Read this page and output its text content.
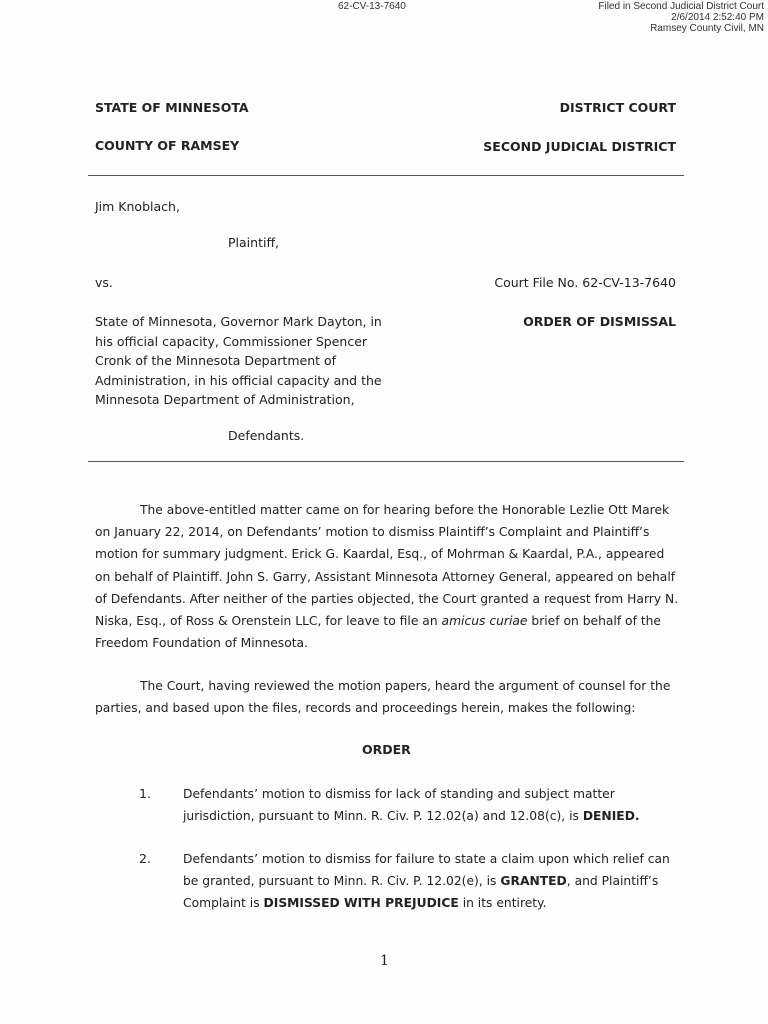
62-CV-13-7640	Filed in Second Judicial District Court
2/6/2014 2:52:40 PM
Ramsey County Civil, MN
STATE OF MINNESOTA	DISTRICT COURT
COUNTY OF RAMSEY	SECOND JUDICIAL DISTRICT
Jim Knoblach,
Plaintiff,
vs.	Court File No. 62-CV-13-7640
State of Minnesota, Governor Mark Dayton, in
his official capacity, Commissioner Spencer
Cronk of the Minnesota Department of
Administration, in his official capacity and the
Minnesota Department of Administration,
ORDER OF DISMISSAL
Defendants.
The above-entitled matter came on for hearing before the Honorable Lezlie Ott Marek
on January 22, 2014, on Defendants’ motion to dismiss Plaintiff’s Complaint and Plaintiff’s
motion for summary judgment. Erick G. Kaardal, Esq., of Mohrman & Kaardal, P.A., appeared
on behalf of Plaintiff. John S. Garry, Assistant Minnesota Attorney General, appeared on behalf
of Defendants. After neither of the parties objected, the Court granted a request from Harry N.
Niska, Esq., of Ross & Orenstein LLC, for leave to file an amicus curiae brief on behalf of the
Freedom Foundation of Minnesota.
The Court, having reviewed the motion papers, heard the argument of counsel for the
parties, and based upon the files, records and proceedings herein, makes the following:
ORDER
1.	Defendants’ motion to dismiss for lack of standing and subject matter
jurisdiction, pursuant to Minn. R. Civ. P. 12.02(a) and 12.08(c), is DENIED.
2.	Defendants’ motion to dismiss for failure to state a claim upon which relief can
be granted, pursuant to Minn. R. Civ. P. 12.02(e), is GRANTED, and Plaintiff’s
Complaint is DISMISSED WITH PREJUDICE in its entirety.
1
